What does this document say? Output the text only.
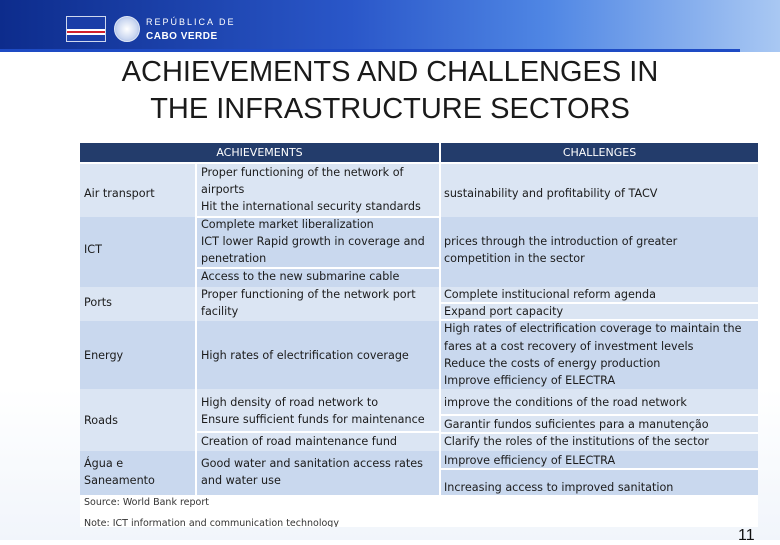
REPÚBLICA DE
CABO VERDE
ACHIEVEMENTS AND CHALLENGES IN
THE INFRASTRUCTURE SECTORS
ACHIEVEMENTS	CHALLENGES
Air transport
Proper functioning of the network of
airports
Hit the international security standards
sustainability and profitability of TACV
ICT
Complete market liberalization
ICT lower Rapid growth in coverage and
penetration
Access to the new submarine cable
prices through the introduction of greater
competition in the sector
Ports
Proper functioning of the network port
facility
Complete institucional reform agenda
Expand port capacity
Energy	High rates of electrification coverage
High rates of electrification coverage to maintain the
fares at a cost recovery of investment levels
Reduce the costs of energy production
Improve efficiency of ELECTRA
Roads
High density of road network to
Ensure sufficient funds for maintenance
Creation of road maintenance fund
improve the conditions of the road network
Garantir fundos suficientes para a manutenção
Clarify the roles of the institutions of the sector
Água e
Saneamento
Good water and sanitation access rates
and water use
Improve efficiency of ELECTRA
Increasing access to improved sanitation
Source: World Bank report
Note: ICT information and communication technology
11
